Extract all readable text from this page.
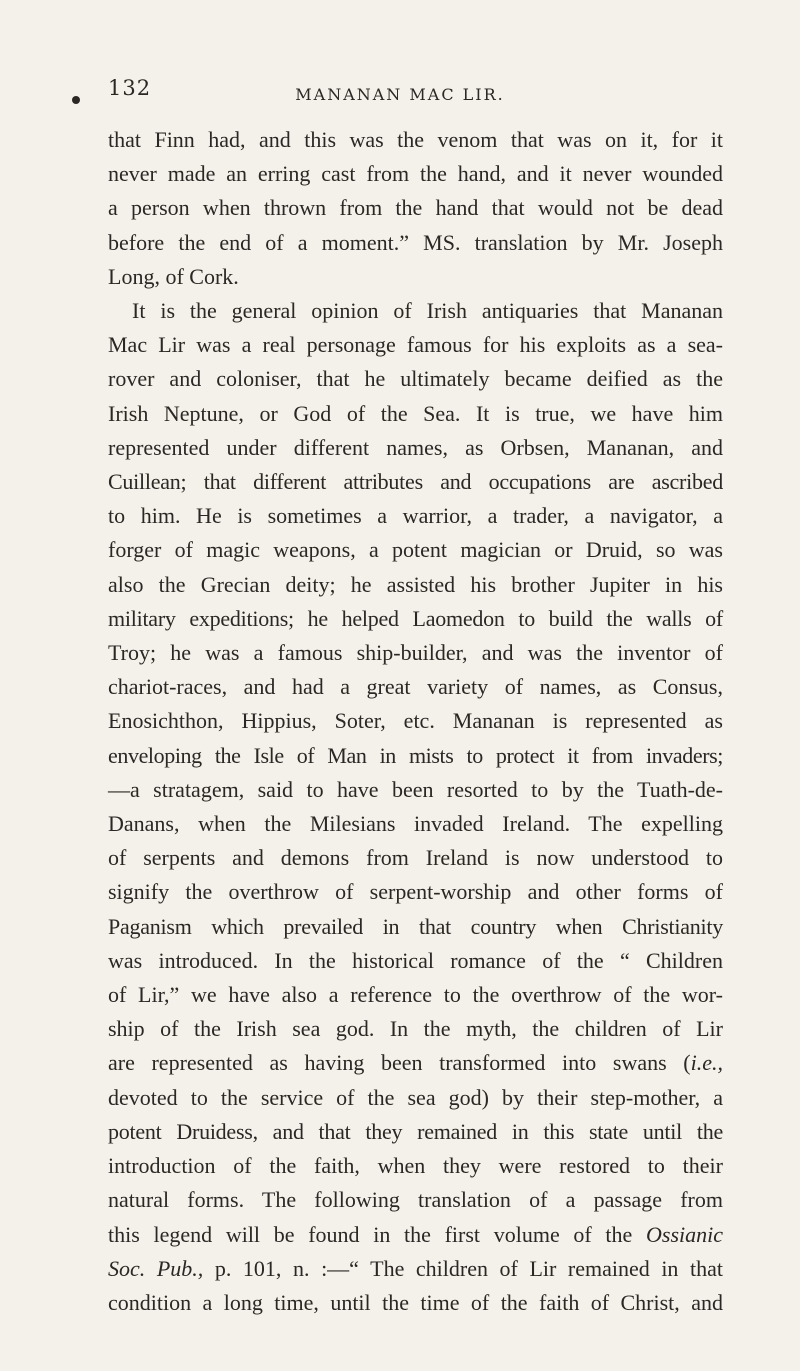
132	MANANAN MAC LIR.
that Finn had, and this was the venom that was on it, for it
never made an erring cast from the hand, and it never wounded
a person when thrown from the hand that would not be dead
before the end of a moment.” MS. translation by Mr. Joseph
Long, of Cork.
It is the general opinion of Irish antiquaries that Mananan
Mac Lir was a real personage famous for his exploits as a sea-
rover and coloniser, that he ultimately became deified as the
Irish Neptune, or God of the Sea. It is true, we have him
represented under different names, as Orbsen, Mananan, and
Cuillean; that different attributes and occupations are ascribed
to him. He is sometimes a warrior, a trader, a navigator, a
forger of magic weapons, a potent magician or Druid, so was
also the Grecian deity; he assisted his brother Jupiter in his
military expeditions; he helped Laomedon to build the walls of
Troy; he was a famous ship-builder, and was the inventor of
chariot-races, and had a great variety of names, as Consus,
Enosichthon, Hippius, Soter, etc. Mananan is represented as
enveloping the Isle of Man in mists to protect it from invaders;
—a stratagem, said to have been resorted to by the Tuath-de-
Danans, when the Milesians invaded Ireland. The expelling
of serpents and demons from Ireland is now understood to
signify the overthrow of serpent-worship and other forms of
Paganism which prevailed in that country when Christianity
was introduced. In the historical romance of the “ Children
of Lir,” we have also a reference to the overthrow of the wor-
ship of the Irish sea god. In the myth, the children of Lir
are represented as having been transformed into swans (i.e.,
devoted to the service of the sea god) by their step-mother, a
potent Druidess, and that they remained in this state until the
introduction of the faith, when they were restored to their
natural forms. The following translation of a passage from
this legend will be found in the first volume of the Ossianic
Soc. Pub., p. 101, n. :—“ The children of Lir remained in that
condition a long time, until the time of the faith of Christ, and
